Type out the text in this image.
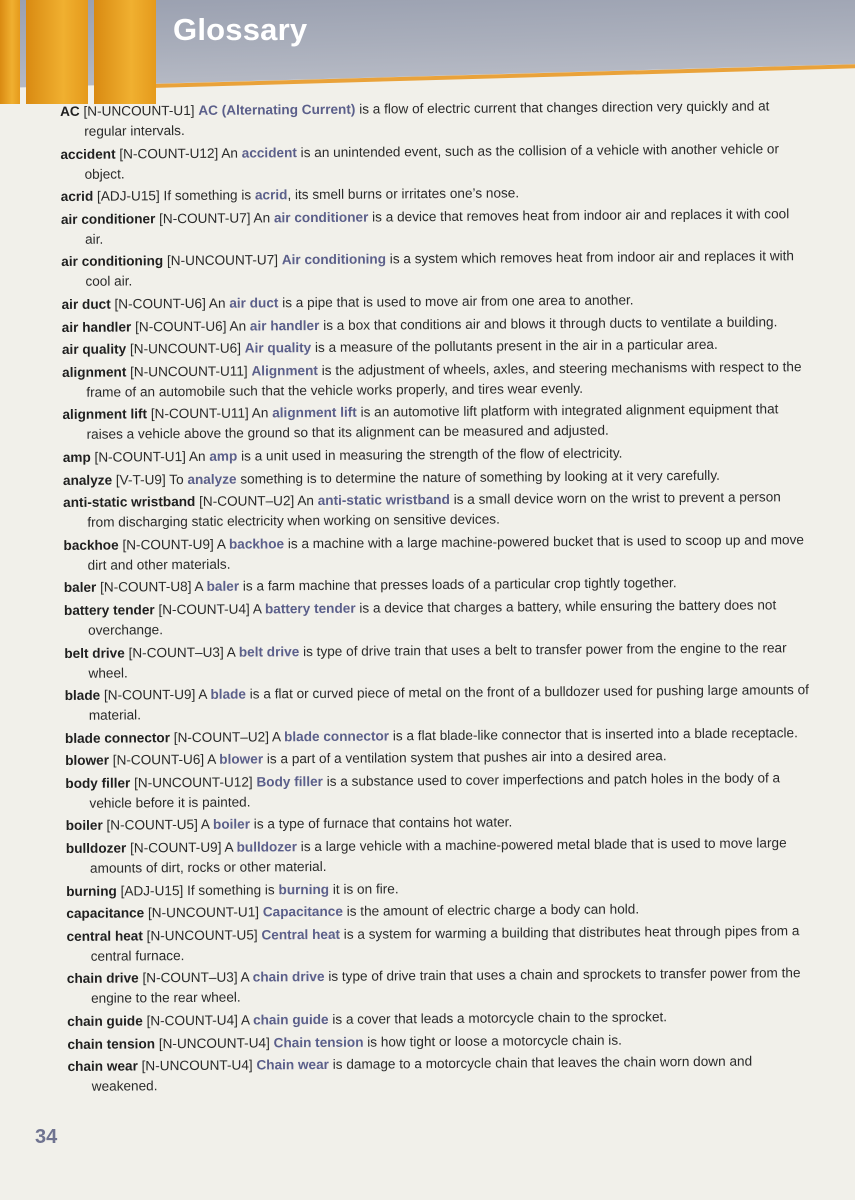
Glossary

AC [N-UNCOUNT-U1] AC (Alternating Current) is a flow of electric current that changes direction very quickly and at regular intervals.

accident [N-COUNT-U12] An accident is an unintended event, such as the collision of a vehicle with another vehicle or object.

acrid [ADJ-U15] If something is acrid, its smell burns or irritates one’s nose.

air conditioner [N-COUNT-U7] An air conditioner is a device that removes heat from indoor air and replaces it with cool air.

air conditioning [N-UNCOUNT-U7] Air conditioning is a system which removes heat from indoor air and replaces it with cool air.

air duct [N-COUNT-U6] An air duct is a pipe that is used to move air from one area to another.

air handler [N-COUNT-U6] An air handler is a box that conditions air and blows it through ducts to ventilate a building.

air quality [N-UNCOUNT-U6] Air quality is a measure of the pollutants present in the air in a particular area.

alignment [N-UNCOUNT-U11] Alignment is the adjustment of wheels, axles, and steering mechanisms with respect to the frame of an automobile such that the vehicle works properly, and tires wear evenly.

alignment lift [N-COUNT-U11] An alignment lift is an automotive lift platform with integrated alignment equipment that raises a vehicle above the ground so that its alignment can be measured and adjusted.

amp [N-COUNT-U1] An amp is a unit used in measuring the strength of the flow of electricity.

analyze [V-T-U9] To analyze something is to determine the nature of something by looking at it very carefully.

anti-static wristband [N-COUNT–U2] An anti-static wristband is a small device worn on the wrist to prevent a person from discharging static electricity when working on sensitive devices.

backhoe [N-COUNT-U9] A backhoe is a machine with a large machine-powered bucket that is used to scoop up and move dirt and other materials.

baler [N-COUNT-U8] A baler is a farm machine that presses loads of a particular crop tightly together.

battery tender [N-COUNT-U4] A battery tender is a device that charges a battery, while ensuring the battery does not overchange.

belt drive [N-COUNT–U3] A belt drive is type of drive train that uses a belt to transfer power from the engine to the rear wheel.

blade [N-COUNT-U9] A blade is a flat or curved piece of metal on the front of a bulldozer used for pushing large amounts of material.

blade connector [N-COUNT–U2] A blade connector is a flat blade-like connector that is inserted into a blade receptacle.

blower [N-COUNT-U6] A blower is a part of a ventilation system that pushes air into a desired area.

body filler [N-UNCOUNT-U12] Body filler is a substance used to cover imperfections and patch holes in the body of a vehicle before it is painted.

boiler [N-COUNT-U5] A boiler is a type of furnace that contains hot water.

bulldozer [N-COUNT-U9] A bulldozer is a large vehicle with a machine-powered metal blade that is used to move large amounts of dirt, rocks or other material.

burning [ADJ-U15] If something is burning it is on fire.

capacitance [N-UNCOUNT-U1] Capacitance is the amount of electric charge a body can hold.

central heat [N-UNCOUNT-U5] Central heat is a system for warming a building that distributes heat through pipes from a central furnace.

chain drive [N-COUNT–U3] A chain drive is type of drive train that uses a chain and sprockets to transfer power from the engine to the rear wheel.

chain guide [N-COUNT-U4] A chain guide is a cover that leads a motorcycle chain to the sprocket.

chain tension [N-UNCOUNT-U4] Chain tension is how tight or loose a motorcycle chain is.

chain wear [N-UNCOUNT-U4] Chain wear is damage to a motorcycle chain that leaves the chain worn down and weakened.

34
